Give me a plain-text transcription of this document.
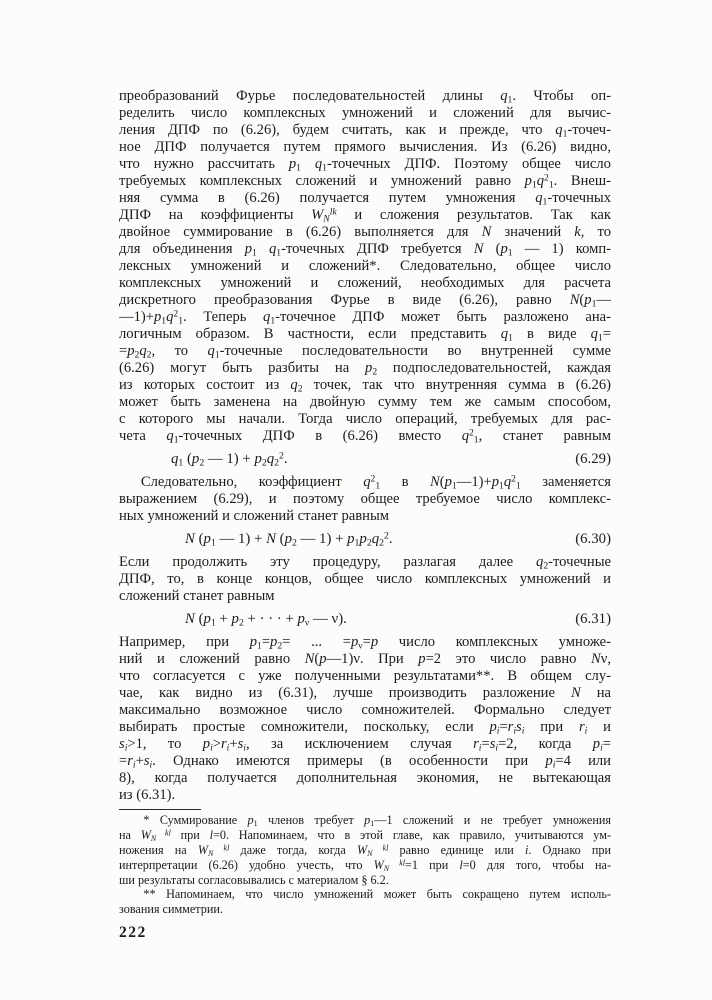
преобразований Фурье последовательностей длины $q_1$. Чтобы оп-
ределить число комплексных умножений и сложений для вычис-
ления ДПФ по (6.26), будем считать, как и прежде, что $q_1-точеч-$
ное ДПФ получается путем прямого вычисления. Из (6.26) видно,
что нужно рассчитать $p_1$ $q_1$-точечных ДПФ. Поэтому общее число
требуемых комплексных сложений и умножений равно $p_1q^2_1$. Внеш-
няя сумма в (6.26) получается путем умножения $q_1$-точечных
ДПФ на коэффициенты $W_N^{lk}$ и сложения результатов. Так как
двойное суммирование в (6.26) выполняется для N значений k, то
для объединения $p_1$ $q_1$-точечных ДПФ требуется N ($p_1$ — 1) комп-
лексных умножений и сложений*. Следовательно, общее число
комплексных умножений и сложений, необходимых для расчета
дискретного преобразования Фурье в виде (6.26), равно $N(p_1—$
$—1)+p_1q^2_1$. Теперь $q_1$-точечное ДПФ может быть разложено ана-
логичным образом. В частности, если представить $q_1$ в виде $q_1=$
$=p_2q_2$, то $q_1$-точечные последовательности во внутренней сумме
(6.26) могут быть разбиты на $p_2$ подпоследовательностей, каждая
из которых состоит из $q_2$ точек, так что внутренняя сумма в (6.26)
может быть заменена на двойную сумму тем же самым способом,
с которого мы начали. Тогда число операций, требуемых для рас-
чета $q_1$-точечных ДПФ в (6.26) вместо $q^2_1$, станет равным
$q_1$ ($p_2$ — $1) + p_2q_2^2$.	(6.29)
  Следовательно, коэффициент $q^2_1$ в $N(p_1—1)+p_1q^2_1$ заменяется
выражением (6.29), и поэтому общее требуемое число комплекс-
ных умножений и сложений станет равным
N ($p_1$ — 1) + N ($p_2$ — $1) + p_1p_2q_2^2$.	(6.30)
Если продолжить эту процедуру, разлагая далее $q_2$-точечные
ДПФ, то, в конце концов, общее число комплексных умножений и
сложений станет равным
N ($p_1 + p_2$ + · · · + $p_\nu$ — ν).	(6.31)
Например, при $p_1=p_2=$ ... $=p_\nu=p$ число комплексных умноже-
ний и сложений равно N(p—1)ν. При p=2 это число равно Nν,
что согласуется с уже полученными результатами**. В общем слу-
чае, как видно из (6.31), лучше производить разложение N на
максимально возможное число сомножителей. Формально следует
выбирать простые сомножители, поскольку, если $p_i=r_is_i$ при $r_i$ и
$s_i>1$, то $p_i>r_i+s_i$, за исключением случая $r_i=s_i=2$, когда $p_i=$
$=r_i+s_i$. Однако имеются примеры (в особенности при $p_i=4$ или
8), когда получается дополнительная экономия, не вытекающая
из (6.31).
  * Суммирование $p_1$ членов требует $p_1—1$ сложений и не требует умножения
на $W_N$ $^{kl}$ при l=0. Напоминаем, что в этой главе, как правило, учитываются ум-
ножения на $W_N$ $^{kl}$ даже тогда, когда $W_N$ $^{kl}$ равно единице или i. Однако при
интерпретации (6.26) удобно учесть, что $W_N$ $^{kl}$=1 при l=0 для того, чтобы на-
ши результаты согласовывались с материалом § 6.2.
  ** Напоминаем, что число умножений может быть сокращено путем исполь-
зования симметрии.
222
